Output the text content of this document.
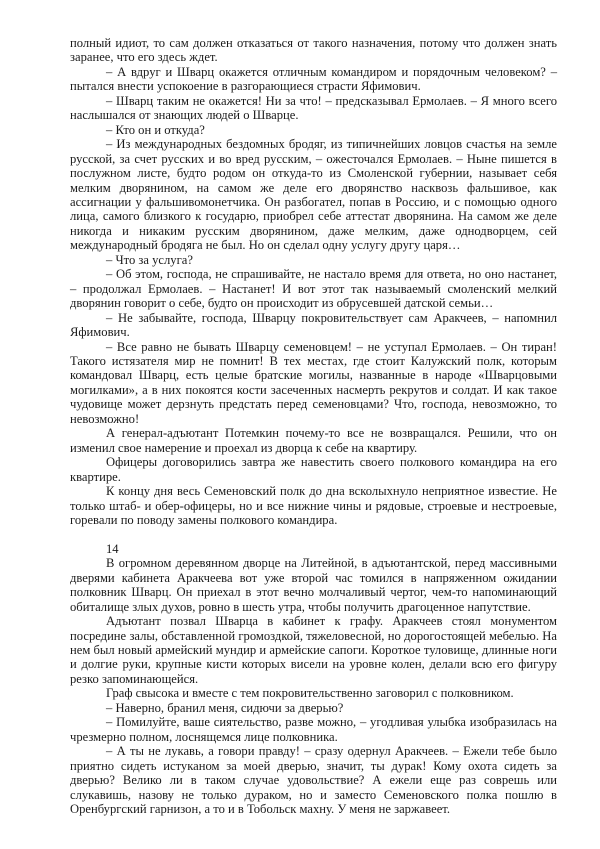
полный идиот, то сам должен отказаться от такого назначения, потому что должен знать заранее, что его здесь ждет.

– А вдруг и Шварц окажется отличным командиром и порядочным человеком? – пытался внести успокоение в разгорающиеся страсти Яфимович.

– Шварц таким не окажется! Ни за что! – предсказывал Ермолаев. – Я много всего наслышался от знающих людей о Шварце.

– Кто он и откуда?

– Из международных бездомных бродяг, из типичнейших ловцов счастья на земле русской, за счет русских и во вред русским, – ожесточался Ермолаев. – Ныне пишется в послужном листе, будто родом он откуда-то из Смоленской губернии, называет себя мелким дворянином, на самом же деле его дворянство насквозь фальшивое, как ассигнации у фальшивомонетчика. Он разбогател, попав в Россию, и с помощью одного лица, самого близкого к государю, приобрел себе аттестат дворянина. На самом же деле никогда и никаким русским дворянином, даже мелким, даже однодворцем, сей международный бродяга не был. Но он сделал одну услугу другу царя…

– Что за услуга?

– Об этом, господа, не спрашивайте, не настало время для ответа, но оно настанет, – продолжал Ермолаев. – Настанет! И вот этот так называемый смоленский мелкий дворянин говорит о себе, будто он происходит из обрусевшей датской семьи…

– Не забывайте, господа, Шварцу покровительствует сам Аракчеев, – напомнил Яфимович.

– Все равно не бывать Шварцу семеновцем! – не уступал Ермолаев. – Он тиран! Такого истязателя мир не помнит! В тех местах, где стоит Калужский полк, которым командовал Шварц, есть целые братские могилы, названные в народе «Шварцовыми могилками», а в них покоятся кости засеченных насмерть рекрутов и солдат. И как такое чудовище может дерзнуть предстать перед семеновцами? Что, господа, невозможно, то невозможно!

А генерал-адъютант Потемкин почему-то все не возвращался. Решили, что он изменил свое намерение и проехал из дворца к себе на квартиру.

Офицеры договорились завтра же навестить своего полкового командира на его квартире.

К концу дня весь Семеновский полк до дна всколыхнуло неприятное известие. Не только штаб- и обер-офицеры, но и все нижние чины и рядовые, строевые и нестроевые, горевали по поводу замены полкового командира.

14

В огромном деревянном дворце на Литейной, в адъютантской, перед массивными дверями кабинета Аракчеева вот уже второй час томился в напряженном ожидании полковник Шварц. Он приехал в этот вечно молчаливый чертог, чем-то напоминающий обиталище злых духов, ровно в шесть утра, чтобы получить драгоценное напутствие.

Адъютант позвал Шварца в кабинет к графу. Аракчеев стоял монументом посредине залы, обставленной громоздкой, тяжеловесной, но дорогостоящей мебелью. На нем был новый армейский мундир и армейские сапоги. Короткое туловище, длинные ноги и долгие руки, крупные кисти которых висели на уровне колен, делали всю его фигуру резко запоминающейся.

Граф свысока и вместе с тем покровительственно заговорил с полковником.

– Наверно, бранил меня, сидючи за дверью?

– Помилуйте, ваше сиятельство, разве можно, – угодливая улыбка изобразилась на чрезмерно полном, лоснящемся лице полковника.

– А ты не лукавь, а говори правду! – сразу одернул Аракчеев. – Ежели тебе было приятно сидеть истуканом за моей дверью, значит, ты дурак! Кому охота сидеть за дверью? Велико ли в таком случае удовольствие? А ежели еще раз соврешь или слукавишь, назову не только дураком, но и заместо Семеновского полка пошлю в Оренбургский гарнизон, а то и в Тобольск махну. У меня не заржавеет.
